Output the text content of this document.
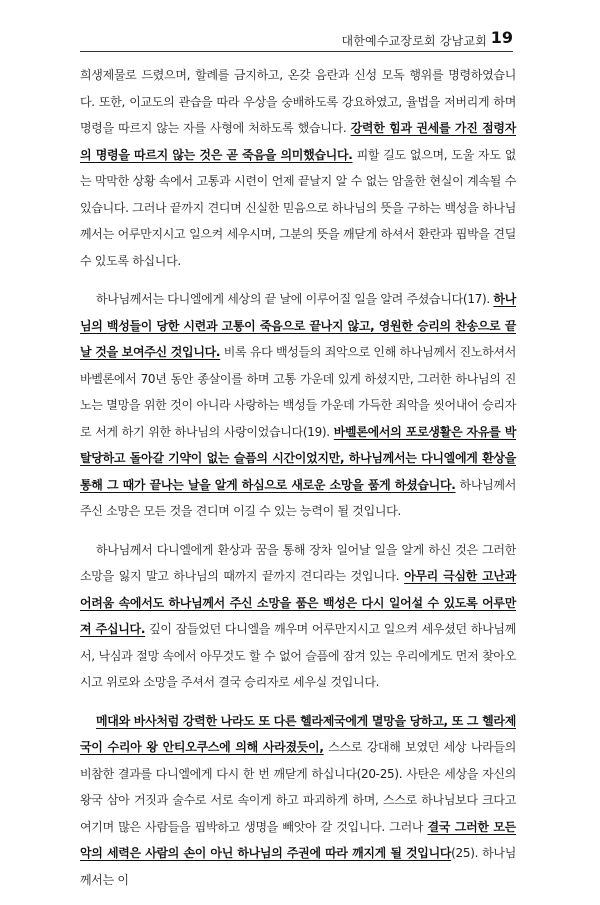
대한예수교장로회 강남교회 19

희생제물로 드렸으며, 할례를 금지하고, 온갖 음란과 신성 모독 행위를 명령하였습니다. 또한, 이교도의 관습을 따라 우상을 숭배하도록 강요하였고, 율법을 저버리게 하며 명령을 따르지 않는 자를 사형에 처하도록 했습니다. 강력한 힘과 권세를 가진 점령자의 명령을 따르지 않는 것은 곧 죽음을 의미했습니다. 피할 길도 없으며, 도울 자도 없는 막막한 상황 속에서 고통과 시련이 언제 끝날지 알 수 없는 암울한 현실이 계속될 수 있습니다. 그러나 끝까지 견디며 신실한 믿음으로 하나님의 뜻을 구하는 백성을 하나님께서는 어루만지시고 일으켜 세우시며, 그분의 뜻을 깨닫게 하셔서 환란과 핍박을 견딜 수 있도록 하십니다.

하나님께서는 다니엘에게 세상의 끝 날에 이루어질 일을 알려 주셨습니다(17). 하나님의 백성들이 당한 시련과 고통이 죽음으로 끝나지 않고, 영원한 승리의 찬송으로 끝날 것을 보여주신 것입니다. 비록 유다 백성들의 죄악으로 인해 하나님께서 진노하셔서 바벨론에서 70년 동안 종살이를 하며 고통 가운데 있게 하셨지만, 그러한 하나님의 진노는 멸망을 위한 것이 아니라 사랑하는 백성들 가운데 가득한 죄악을 씻어내어 승리자로 서게 하기 위한 하나님의 사랑이었습니다(19). 바벨론에서의 포로생활은 자유를 박탈당하고 돌아갈 기약이 없는 슬픔의 시간이었지만, 하나님께서는 다니엘에게 환상을 통해 그 때가 끝나는 날을 알게 하심으로 새로운 소망을 품게 하셨습니다. 하나님께서 주신 소망은 모든 것을 견디며 이길 수 있는 능력이 될 것입니다.

하나님께서 다니엘에게 환상과 꿈을 통해 장차 일어날 일을 알게 하신 것은 그러한 소망을 잃지 말고 하나님의 때까지 끝까지 견디라는 것입니다. 아무리 극심한 고난과 어려움 속에서도 하나님께서 주신 소망을 품은 백성은 다시 일어설 수 있도록 어루만져 주십니다. 깊이 잠들었던 다니엘을 깨우며 어루만지시고 일으켜 세우셨던 하나님께서, 낙심과 절망 속에서 아무것도 할 수 없어 슬픔에 잠겨 있는 우리에게도 먼저 찾아오시고 위로와 소망을 주셔서 결국 승리자로 세우실 것입니다.

메대와 바사처럼 강력한 나라도 또 다른 헬라제국에게 멸망을 당하고, 또 그 헬라제국이 수리아 왕 안티오쿠스에 의해 사라졌듯이, 스스로 강대해 보였던 세상 나라들의 비참한 결과를 다니엘에게 다시 한 번 깨닫게 하십니다(20-25). 사탄은 세상을 자신의 왕국 삼아 거짓과 술수로 서로 속이게 하고 파괴하게 하며, 스스로 하나님보다 크다고 여기며 많은 사람들을 핍박하고 생명을 빼앗아 갈 것입니다. 그러나 결국 그러한 모든 악의 세력은 사람의 손이 아닌 하나님의 주권에 따라 깨지게 될 것입니다(25). 하나님께서는 이
